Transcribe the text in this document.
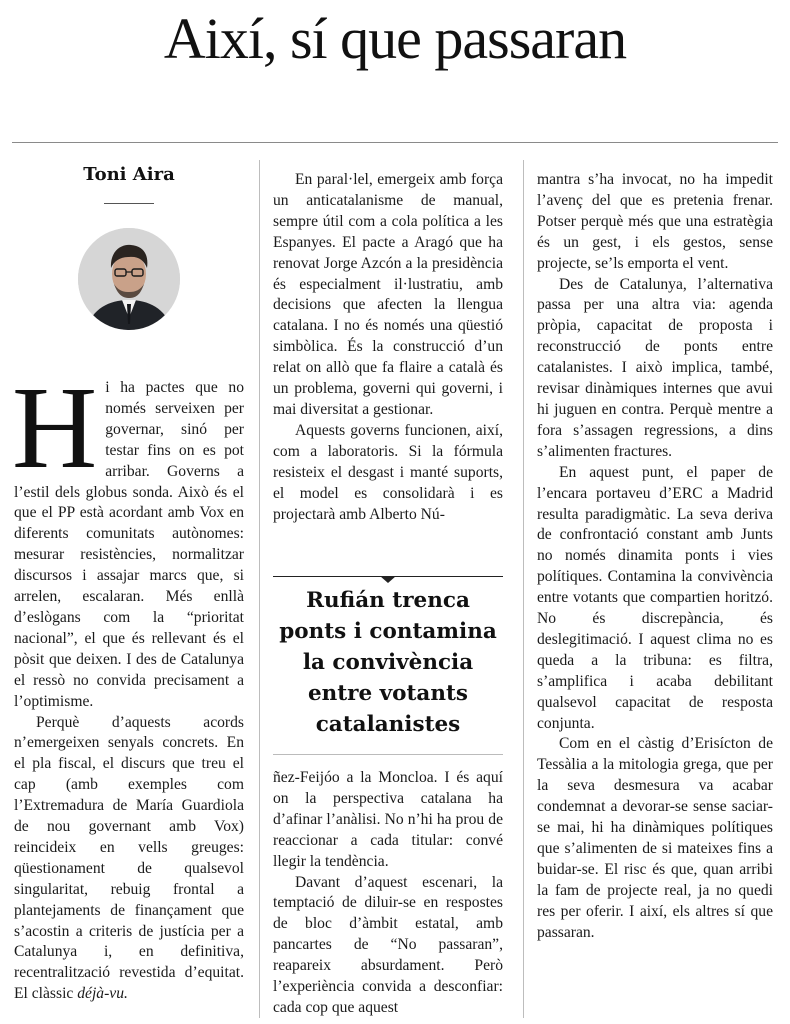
Així, sí que passaran
Toni Aira

Hi ha pactes que no només serveixen per governar, sinó per testar fins on es pot arribar. Governs a l’estil dels globus sonda. Això és el que el PP està acordant amb Vox en diferents comunitats autònomes: mesurar resistències, normalitzar discursos i assajar marcs que, si arrelen, escalaran. Més enllà d’eslògans com la “prioritat nacional”, el que és rellevant és el pòsit que deixen. I des de Catalunya el ressò no convida precisament a l’optimisme.

Perquè d’aquests acords n’emergeixen senyals concrets. En el pla fiscal, el discurs que treu el cap (amb exemples com l’Extremadura de María Guardiola de nou governant amb Vox) reincideix en vells greuges: qüestionament de qualsevol singularitat, rebuig frontal a plantejaments de finançament que s’acostin a criteris de justícia per a Catalunya i, en definitiva, recentralització revestida d’equitat. El clàssic déjà-vu.

En paral·lel, emergeix amb força un anticatalanisme de manual, sempre útil com a cola política a les Espanyes. El pacte a Aragó que ha renovat Jorge Azcón a la presidència és especialment il·lustratiu, amb decisions que afecten la llengua catalana. I no és només una qüestió simbòlica. És la construcció d’un relat on allò que fa flaire a català és un problema, governi qui governi, i mai diversitat a gestionar.

Aquests governs funcionen, així, com a laboratoris. Si la fórmula resisteix el desgast i manté suports, el model es consolidarà i es projectarà amb Alberto Nú-

Rufián trenca ponts i contamina la convivència entre votants catalanistes

ñez-Feijóo a la Moncloa. I és aquí on la perspectiva catalana ha d’afinar l’anàlisi. No n’hi ha prou de reaccionar a cada titular: convé llegir la tendència.

Davant d’aquest escenari, la temptació de diluir-se en respostes de bloc d’àmbit estatal, amb pancartes de “No passaran”, reapareix absurdament. Però l’experiència convida a desconfiar: cada cop que aquest

mantra s’ha invocat, no ha impedit l’avenç del que es pretenia frenar. Potser perquè més que una estratègia és un gest, i els gestos, sense projecte, se’ls emporta el vent.

Des de Catalunya, l’alternativa passa per una altra via: agenda pròpia, capacitat de proposta i reconstrucció de ponts entre catalanistes. I això implica, també, revisar dinàmiques internes que avui hi juguen en contra. Perquè mentre a fora s’assagen regressions, a dins s’alimenten fractures.

En aquest punt, el paper de l’encara portaveu d’ERC a Madrid resulta paradigmàtic. La seva deriva de confrontació constant amb Junts no només dinamita ponts i vies polítiques. Contamina la convivència entre votants que compartien horitzó. No és discrepància, és deslegitimació. I aquest clima no es queda a la tribuna: es filtra, s’amplifica i acaba debilitant qualsevol capacitat de resposta conjunta.

Com en el càstig d’Erisícton de Tessàlia a la mitologia grega, que per la seva desmesura va acabar condemnat a devorar-se sense saciar-se mai, hi ha dinàmiques polítiques que s’alimenten de si mateixes fins a buidar-se. El risc és que, quan arribi la fam de projecte real, ja no quedi res per oferir. I així, els altres sí que passaran.
